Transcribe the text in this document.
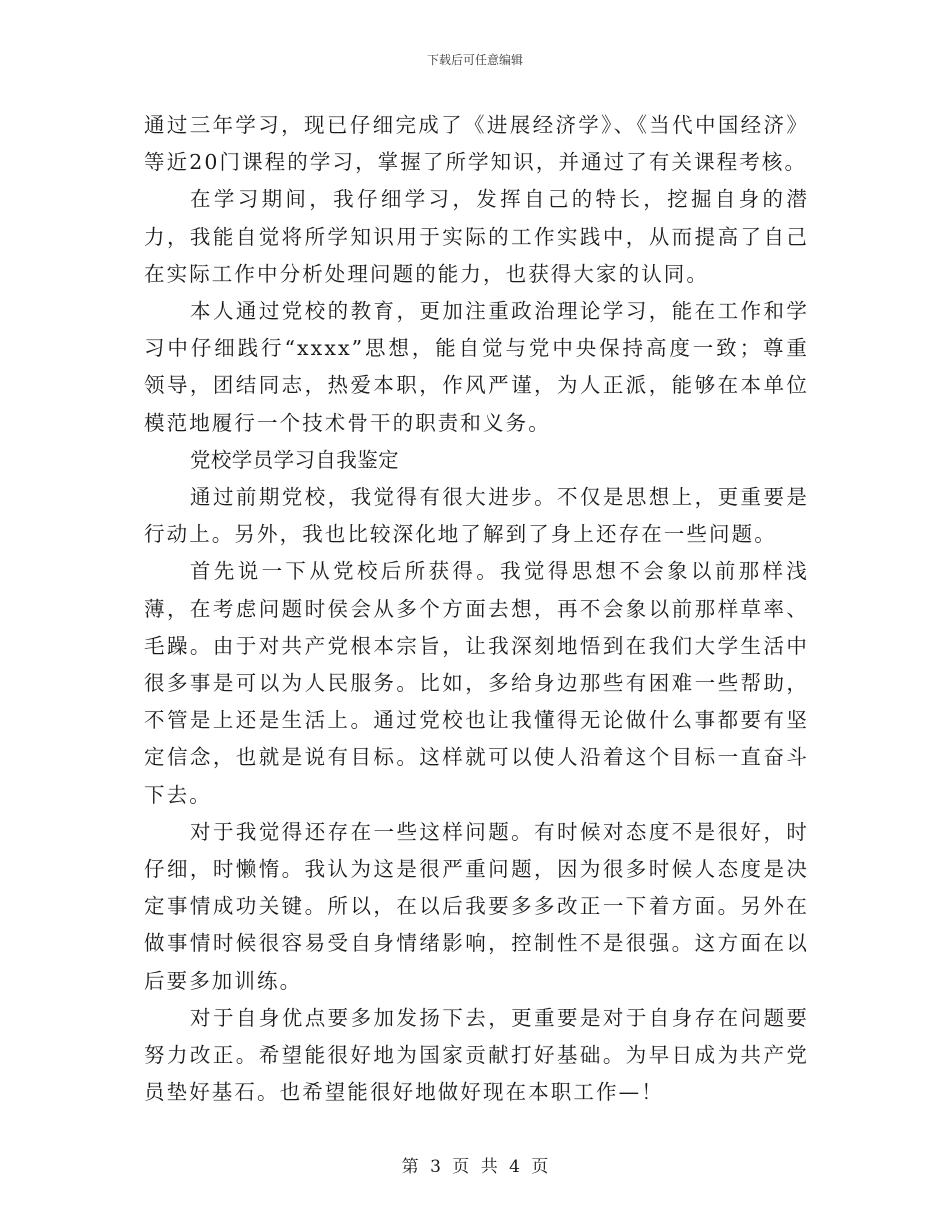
下载后可任意编辑

通过三年学习，现已仔细完成了《进展经济学》、《当代中国经济》等近20门课程的学习，掌握了所学知识，并通过了有关课程考核。

在学习期间，我仔细学习，发挥自己的特长，挖掘自身的潜力，我能自觉将所学知识用于实际的工作实践中，从而提高了自己在实际工作中分析处理问题的能力，也获得大家的认同。

本人通过党校的教育，更加注重政治理论学习，能在工作和学习中仔细践行“xxxx”思想，能自觉与党中央保持高度一致；尊重领导，团结同志，热爱本职，作风严谨，为人正派，能够在本单位模范地履行一个技术骨干的职责和义务。

党校学员学习自我鉴定

通过前期党校，我觉得有很大进步。不仅是思想上，更重要是行动上。另外，我也比较深化地了解到了身上还存在一些问题。

首先说一下从党校后所获得。我觉得思想不会象以前那样浅薄，在考虑问题时侯会从多个方面去想，再不会象以前那样草率、毛躁。由于对共产党根本宗旨，让我深刻地悟到在我们大学生活中很多事是可以为人民服务。比如，多给身边那些有困难一些帮助，不管是上还是生活上。通过党校也让我懂得无论做什么事都要有坚定信念，也就是说有目标。这样就可以使人沿着这个目标一直奋斗下去。

对于我觉得还存在一些这样问题。有时候对态度不是很好，时仔细，时懒惰。我认为这是很严重问题，因为很多时候人态度是决定事情成功关键。所以，在以后我要多多改正一下着方面。另外在做事情时候很容易受自身情绪影响，控制性不是很强。这方面在以后要多加训练。

对于自身优点要多加发扬下去，更重要是对于自身存在问题要努力改正。希望能很好地为国家贡献打好基础。为早日成为共产党员垫好基石。也希望能很好地做好现在本职工作—！

第 3 页 共 4 页
